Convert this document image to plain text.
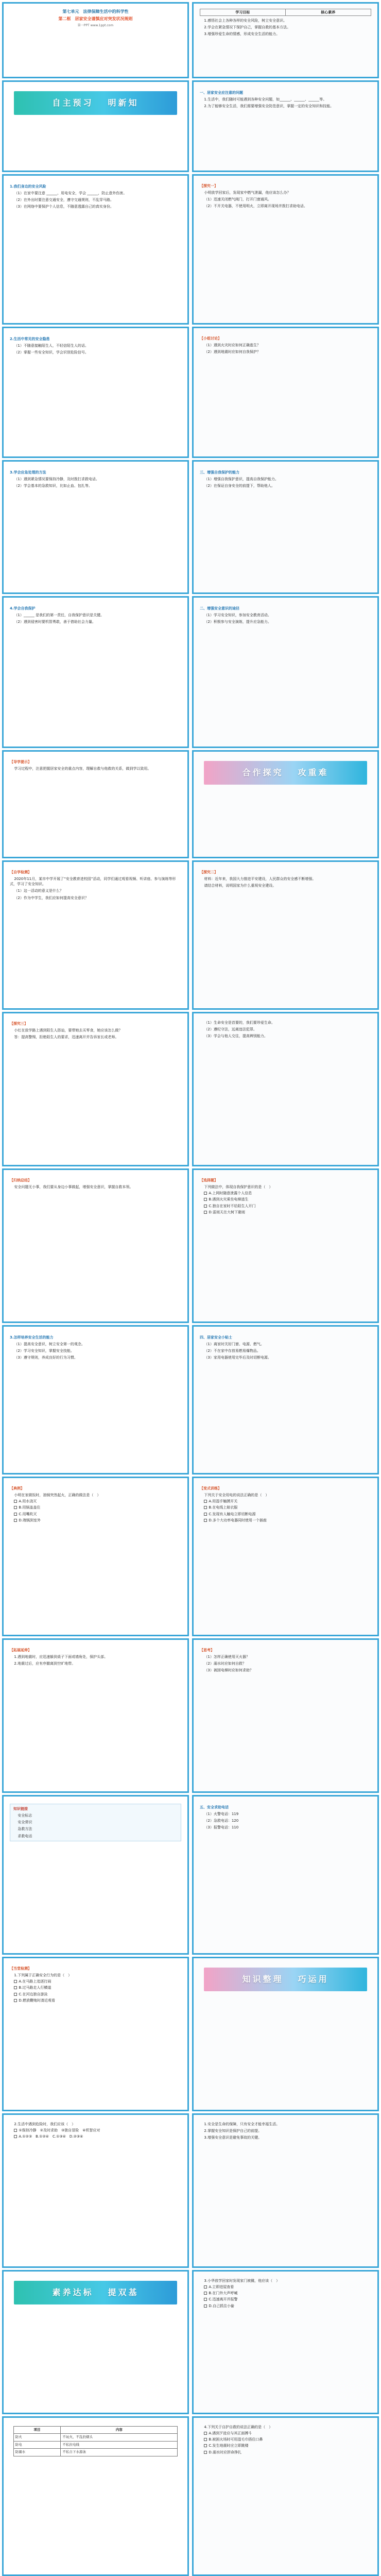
第七单元　法律保障生活中的科学性
第二框　居家安全谨慎应对突发状况规则
第一PPT www.1ppt.com
学习目标	核心素养
1.感悟社会上各种各样的安全风险，树立安全意识。
2.学会在紧急情况下保护自己，掌握自救的基本方法。
3.增强珍爱生命的情感，形成安全生活的能力。
自主预习 明新知
一、居家安全应注意的问题
1.生活中，我们随时可能遇到各种安全问题，如______、______、______等。
2.为了能够安全生活，我们需要增强安全防范意识，掌握一定的安全知识和技能。
1.我们身边的安全风险
（1）在家中要注意 ______、用电安全，学会 ______，防止意外伤害。
（2）在外出时要注意交通安全，遵守交通规则，不乱穿马路。
（3）在网络中要保护个人信息，不随意透露自己的真实身份。
【探究一】
小明放学回家后，发现家中燃气泄漏，他应该怎么办？
（1）迅速关闭燃气阀门，打开门窗通风。
（2）不开关电器，不使用明火，立即离开现场并拨打求助电话。
2.生活中常见的安全隐患
（1）不随意接触陌生人，不轻信陌生人的话。
（2）掌握一些安全知识，学会识别危险信号。
【小组讨论】
（1）遇到火灾时应如何正确逃生？
（2）遇到地震时应如何自我保护？
3.学会应急处理的方法
（1）遇到紧急情况要保持冷静，及时拨打求救电话。
（2）学会基本的急救知识，比如止血、包扎等。
三、增强自我保护的能力
（1）增强自我保护意识，提高自我保护能力。
（2）在保证自身安全的前提下，帮助他人。
4.学会自我保护
（1）______ 是我们的第一责任，自我保护意识是关键。
（2）遇到侵害时要机智勇敢，善于借助社会力量。
二、增强安全意识的途径
（1）学习安全知识，参加安全教育活动。
（2）积极参与安全演练，提升应急能力。
【导学提示】
学习过程中，注意把握居家安全的重点内容，理解自救与他救的关系，做到学以致用。	合作探究 攻重难
【自学检测】
2020年11月，某市中学开展了“安全教育进校园”活动，同学们通过观看视频、听讲座、参与演练等形式，学习了安全知识。
（1）这一活动的意义是什么？
（2）作为中学生，我们应如何提高安全意识？
【探究二】
材料：近年来，我国大力推进平安建设，人民群众的安全感不断增强。
请结合材料，说明国家为什么重视安全建设。
【探究三】
小红在放学路上遇到陌生人搭讪，要带她去买零食，她应该怎么做？
答：提高警惕，拒绝陌生人的要求，迅速离开并告诉家长或老师。
（1）生命安全是首要的，我们要珍爱生命。
（2）遵纪守法，远离违法犯罪。
（3）学会与他人交往，提高辨别能力。
【归纳总结】
安全问题无小事，我们要从身边小事做起，增强安全意识，掌握自救本领。
【选择题】
下列做法中，体现自我保护意识的是（　）
A.上网时随意泄露个人信息
B.遇到火灾乘坐电梯逃生
C.独自在家时不给陌生人开门
D.雷雨天在大树下避雨
3.怎样培养安全生活的能力
（1）提高安全意识，树立安全第一的观念。
（2）学习安全知识，掌握安全技能。
（3）遵守规则，养成良好的行为习惯。
四、居家安全小贴士
（1）离家时关好门窗、电源、燃气。
（2）不在家中存放易燃易爆物品。
（3）家用电器使用完毕后及时切断电源。
【典例】
小明在家做饭时，油锅突然起火，正确的做法是（　）
A.用水浇灭
B.用锅盖盖住
C.用嘴吹灭
D.端锅到室外
【变式训练】
下列关于安全用电的说法正确的是（　）
A.用湿手触摸开关
B.在电线上晾衣服
C.发现有人触电立即切断电源
D.多个大功率电器同时使用一个插座
【拓展延伸】
1.遇到地震时，应迅速躲到桌子下面或墙角处，保护头部。
2.地震过后，应有序撤离到空旷地带。
【思考】
（1）怎样正确使用灭火器？
（2）溺水时应如何自救？
（3）被困电梯时应如何求助？
知识链接
安全标志
安全常识
急救方法
求救电话
五、安全求助电话
（1）火警电话：119
（2）急救电话：120
（3）报警电话：110
【当堂检测】
1.下列属于正确安全行为的是（　）
A.在马路上追逐打闹
B.过马路走人行横道
C.在河边独自游泳
D.燃放鞭炮时凑近观看
知识整理 巧运用
2.生活中遇到危险时，我们应该（　）
①保持冷静　②及时求助　③独自冒险　④机智应对
A.①②③　B.①②④　C.①③④　D.②③④
1.安全是生命的保障，只有安全才能幸福生活。
2.掌握安全知识是保护自己的前提。
3.增强安全意识是避免事故的关键。
素养达标 提双基
3.小华放学回家时发现家门被撬，他应该（　）
A.立即进屋查看
B.在门外大声呼喊
C.迅速离开并报警
D.自己抓住小偷
项目	内容
防火	不玩火，不乱扔烟头
防电	不私拉电线
防溺水	不私自下水游泳
4.下列关于自护自救的说法正确的是（　）
A.遇到歹徒应与其正面搏斗
B.被困火场时可用湿毛巾捂住口鼻
C.发生地震时应立即跳楼
D.溺水时应拼命挣扎
